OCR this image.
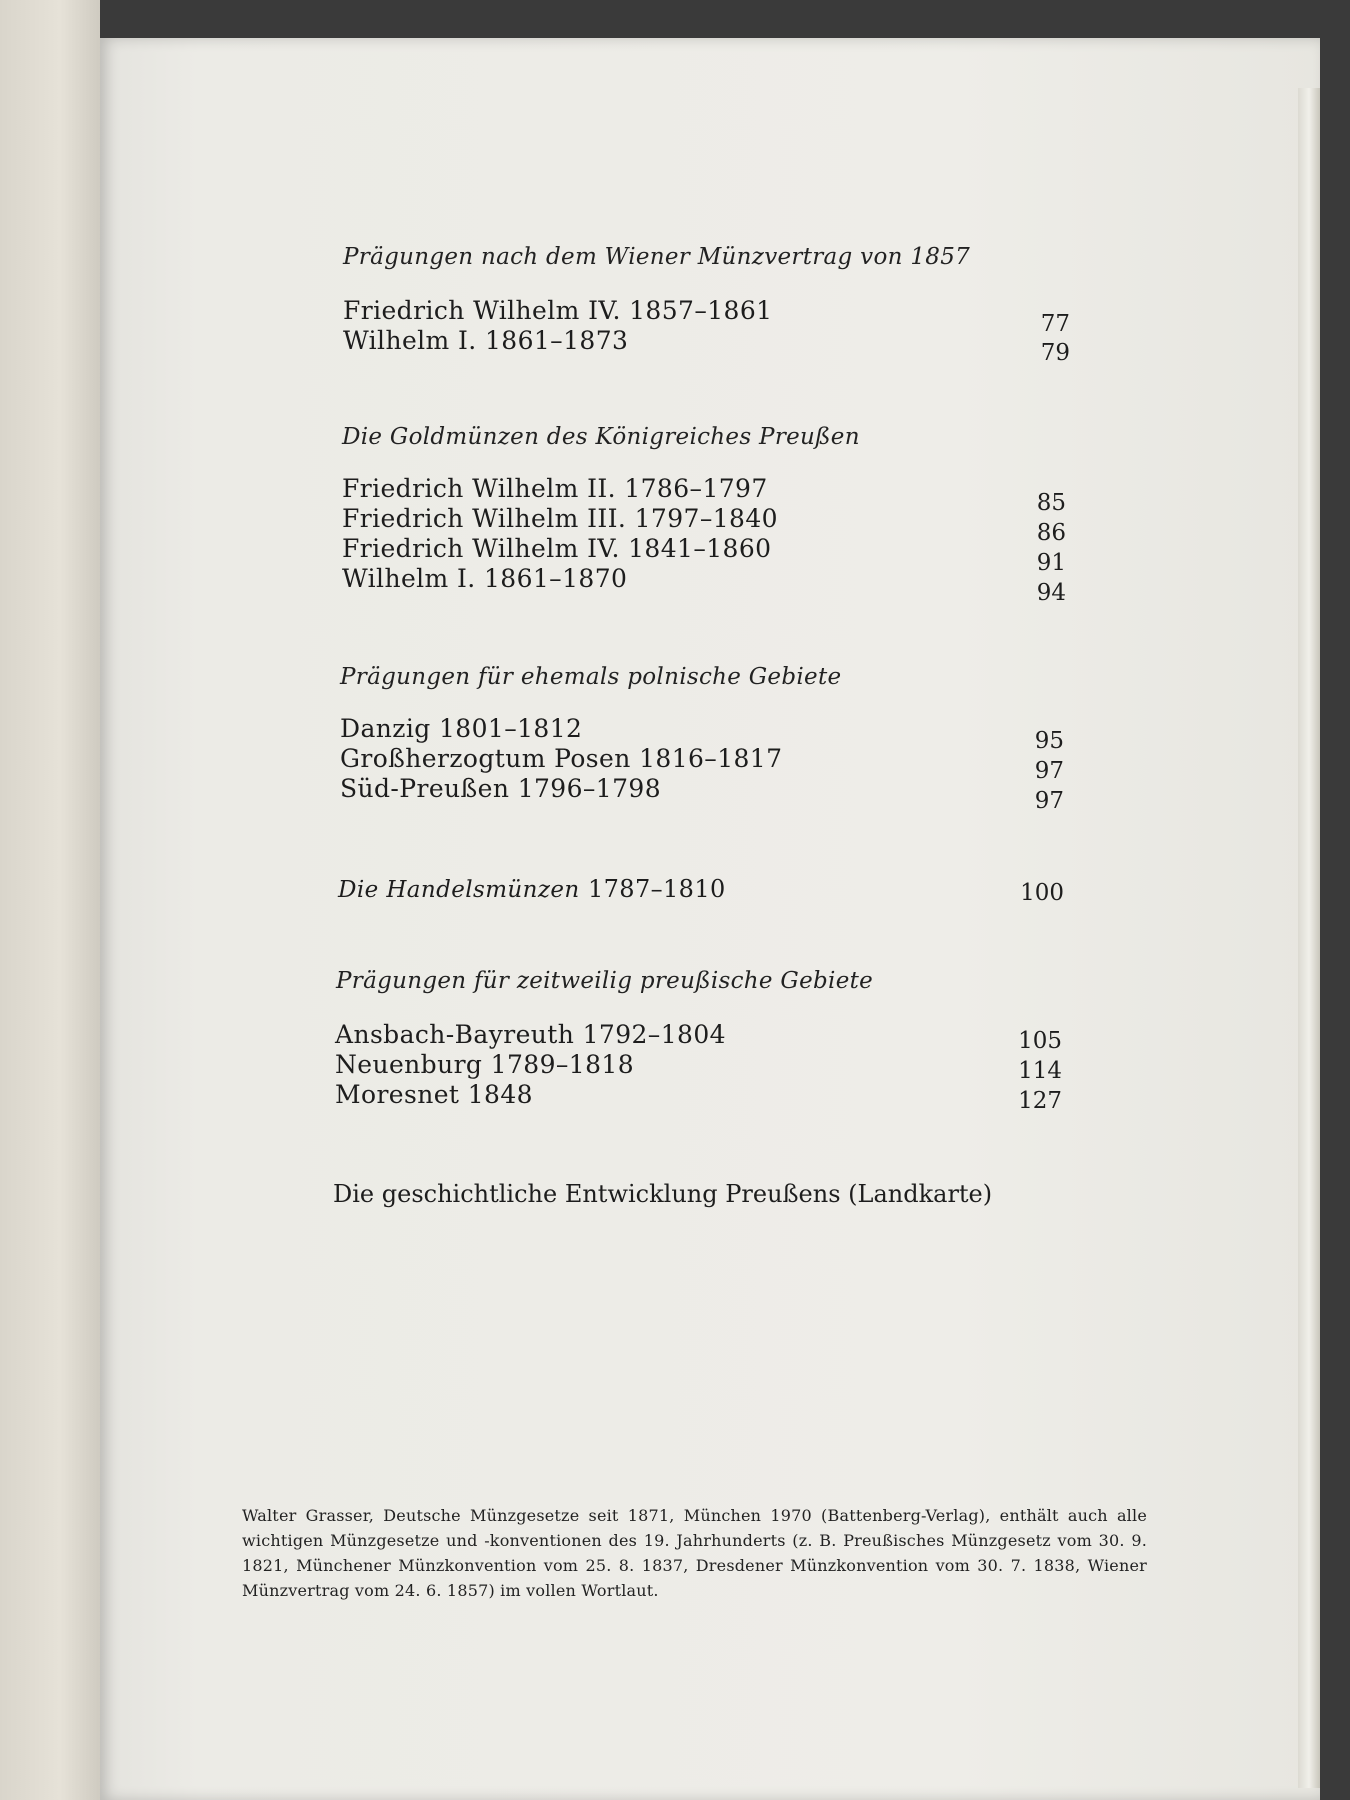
Prägungen nach dem Wiener Münzvertrag von 1857
Friedrich Wilhelm IV. 1857–1861	77
Wilhelm I. 1861–1873	79
Die Goldmünzen des Königreiches Preußen
Friedrich Wilhelm II. 1786–1797	85
Friedrich Wilhelm III. 1797–1840	86
Friedrich Wilhelm IV. 1841–1860	91
Wilhelm I. 1861–1870	94
Prägungen für ehemals polnische Gebiete
Danzig 1801–1812	95
Großherzogtum Posen 1816–1817	97
Süd-Preußen 1796–1798	97
Die Handelsmünzen 1787–1810	100
Prägungen für zeitweilig preußische Gebiete
Ansbach-Bayreuth 1792–1804	105
Neuenburg 1789–1818	114
Moresnet 1848	127
Die geschichtliche Entwicklung Preußens (Landkarte)
Walter Grasser, Deutsche Münzgesetze seit 1871, München 1970 (Battenberg-Verlag), enthält auch alle wichtigen Münzgesetze und -konventionen des 19. Jahrhunderts (z. B. Preußisches Münzgesetz vom 30. 9. 1821, Münchener Münzkonvention vom 25. 8. 1837, Dresdener Münzkonvention vom 30. 7. 1838, Wiener Münzvertrag vom 24. 6. 1857) im vollen Wortlaut.
